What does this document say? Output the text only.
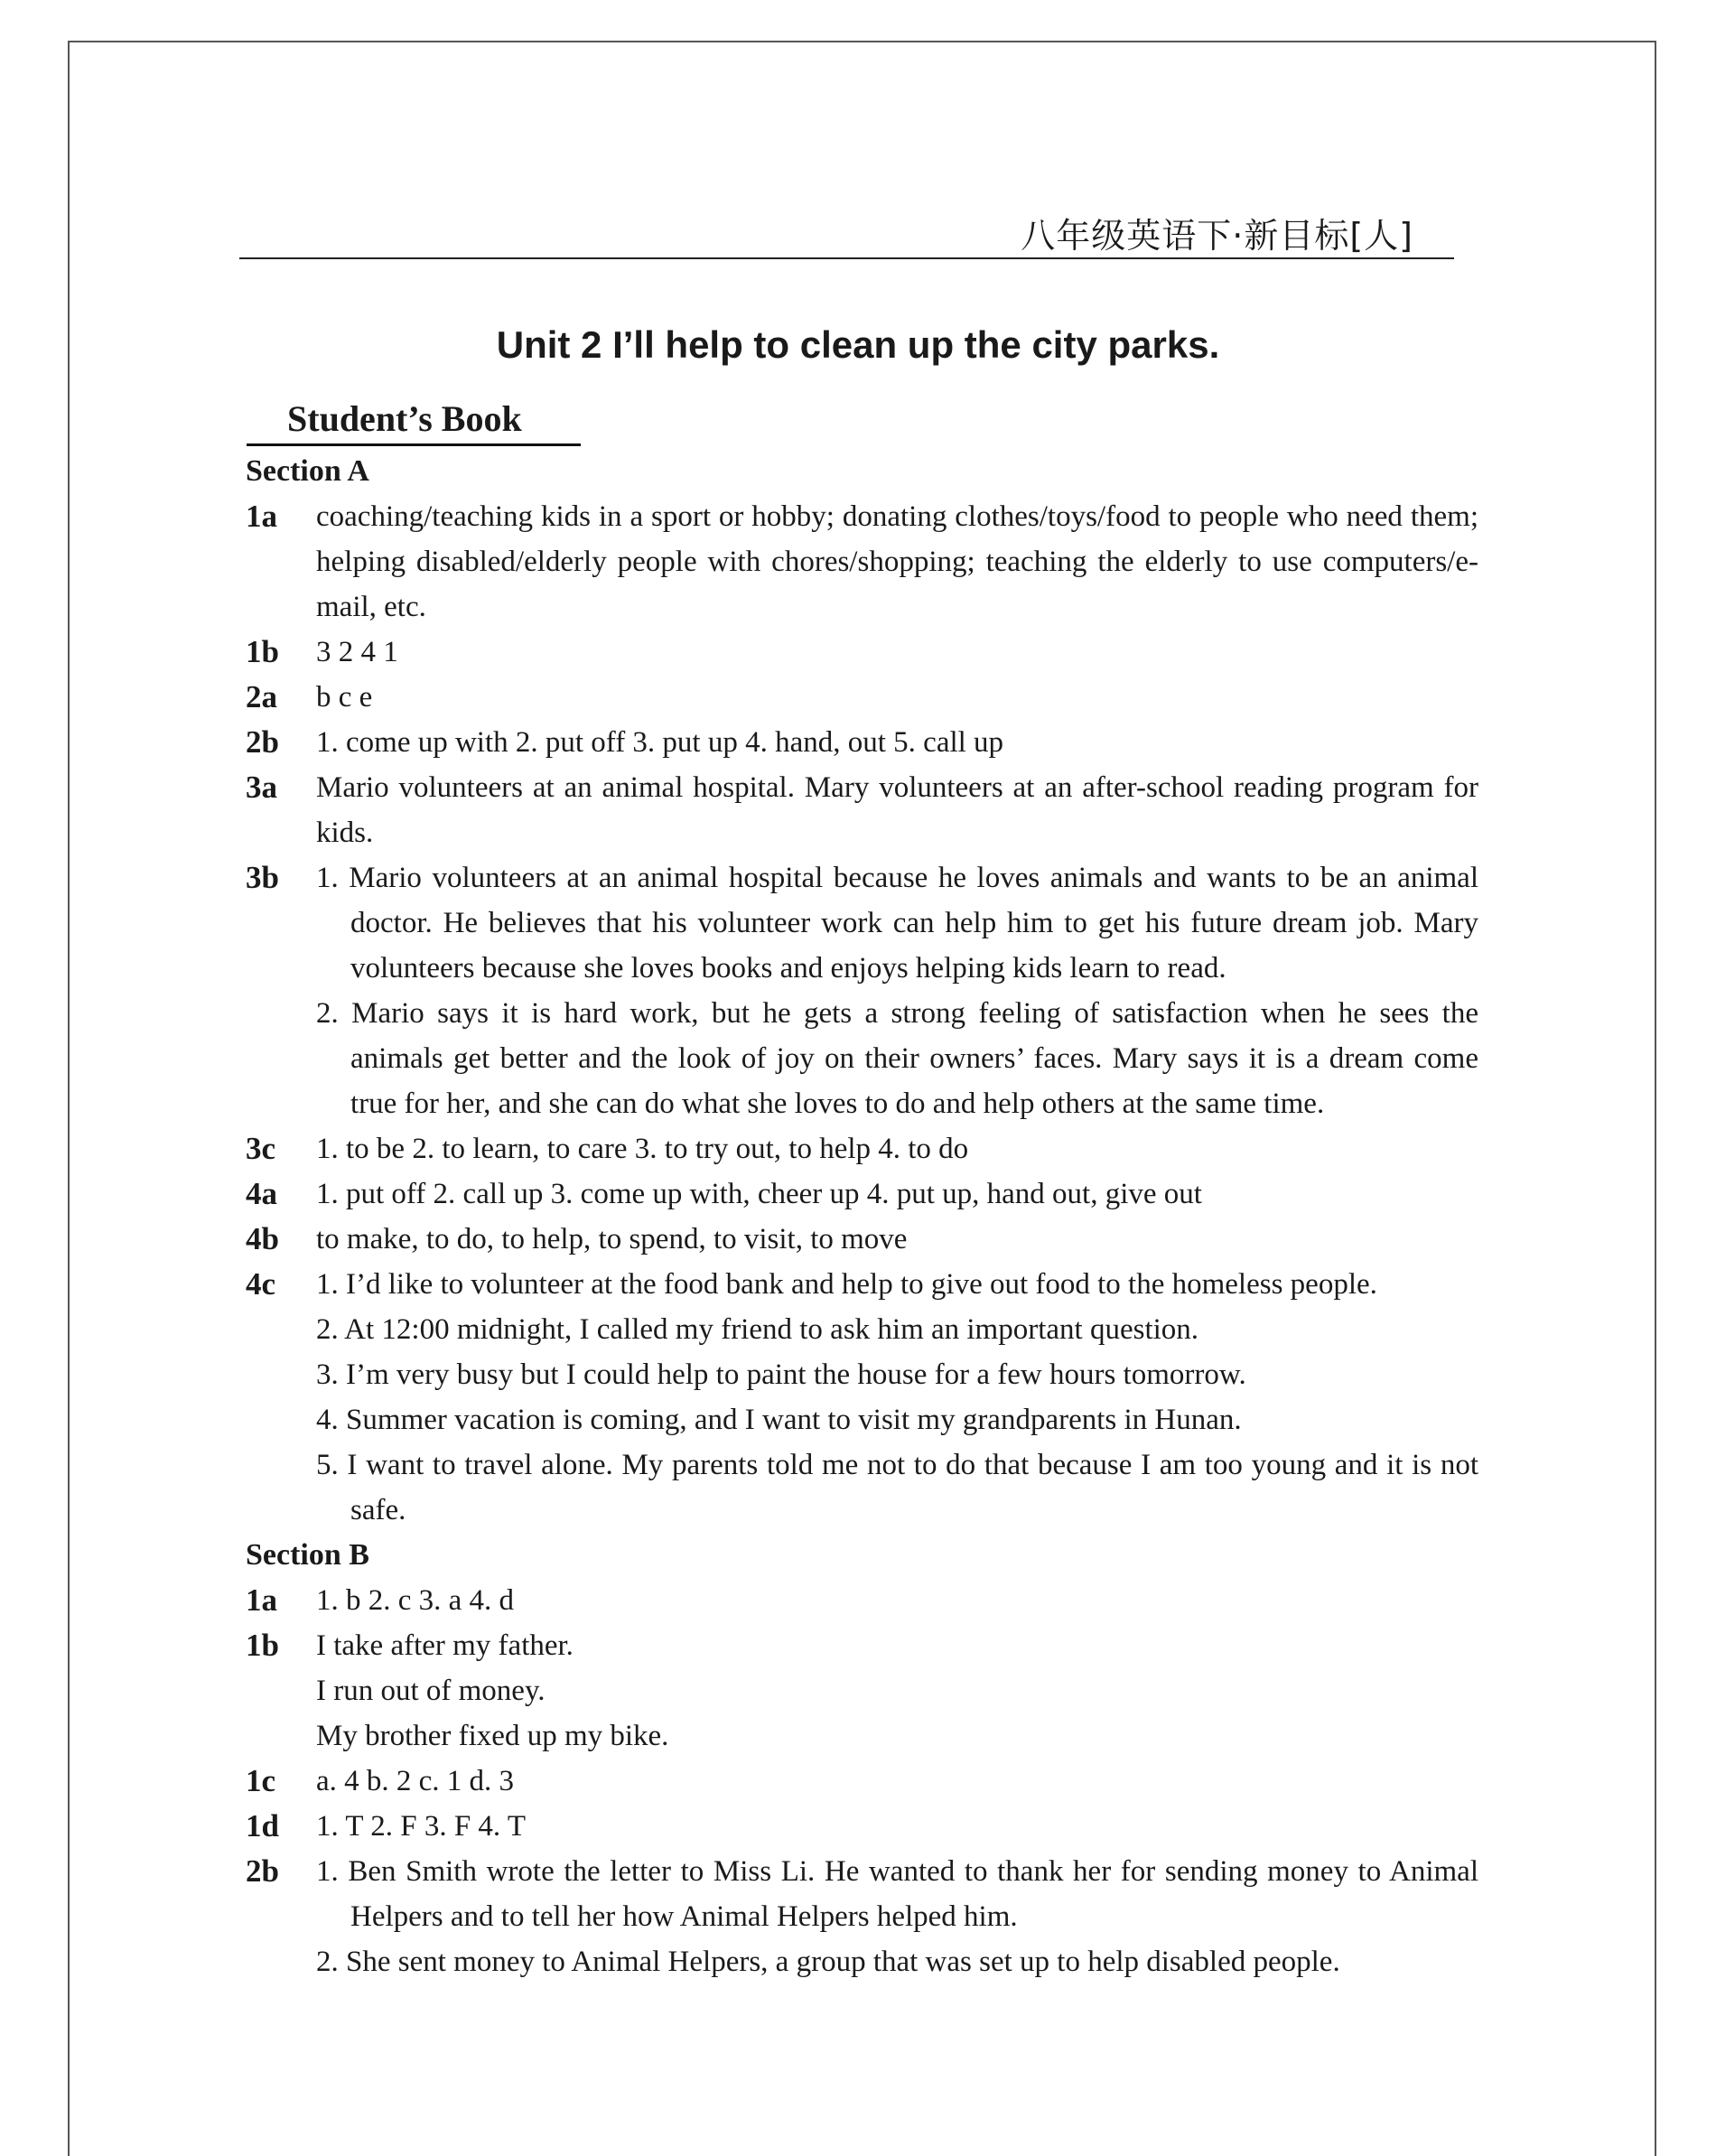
八年级英语下·新目标[人]
Unit 2 I’ll help to clean up the city parks.
Student’s Book
Section A
1a	coaching/teaching kids in a sport or hobby; donating clothes/toys/food to people who need them; helping disabled/elderly people with chores/shopping; teaching the elderly to use computers/e-mail, etc.
1b	3 2 4 1
2a	b c e
2b	1. come up with 2. put off 3. put up 4. hand, out 5. call up
3a	Mario volunteers at an animal hospital. Mary volunteers at an after-school reading program for kids.
3b	1. Mario volunteers at an animal hospital because he loves animals and wants to be an animal doctor. He believes that his volunteer work can help him to get his future dream job. Mary volunteers because she loves books and enjoys helping kids learn to read.
2. Mario says it is hard work, but he gets a strong feeling of satisfaction when he sees the animals get better and the look of joy on their owners’ faces. Mary says it is a dream come true for her, and she can do what she loves to do and help others at the same time.
3c	1. to be 2. to learn, to care 3. to try out, to help 4. to do
4a	1. put off 2. call up 3. come up with, cheer up 4. put up, hand out, give out
4b	to make, to do, to help, to spend, to visit, to move
4c	1. I’d like to volunteer at the food bank and help to give out food to the homeless people.
2. At 12:00 midnight, I called my friend to ask him an important question.
3. I’m very busy but I could help to paint the house for a few hours tomorrow.
4. Summer vacation is coming, and I want to visit my grandparents in Hunan.
5. I want to travel alone. My parents told me not to do that because I am too young and it is not safe.
Section B
1a	1. b 2. c 3. a 4. d
1b	I take after my father.
I run out of money.
My brother fixed up my bike.
1c	a. 4 b. 2 c. 1 d. 3
1d	1. T 2. F 3. F 4. T
2b	1. Ben Smith wrote the letter to Miss Li. He wanted to thank her for sending money to Animal Helpers and to tell her how Animal Helpers helped him.
2. She sent money to Animal Helpers, a group that was set up to help disabled people.
